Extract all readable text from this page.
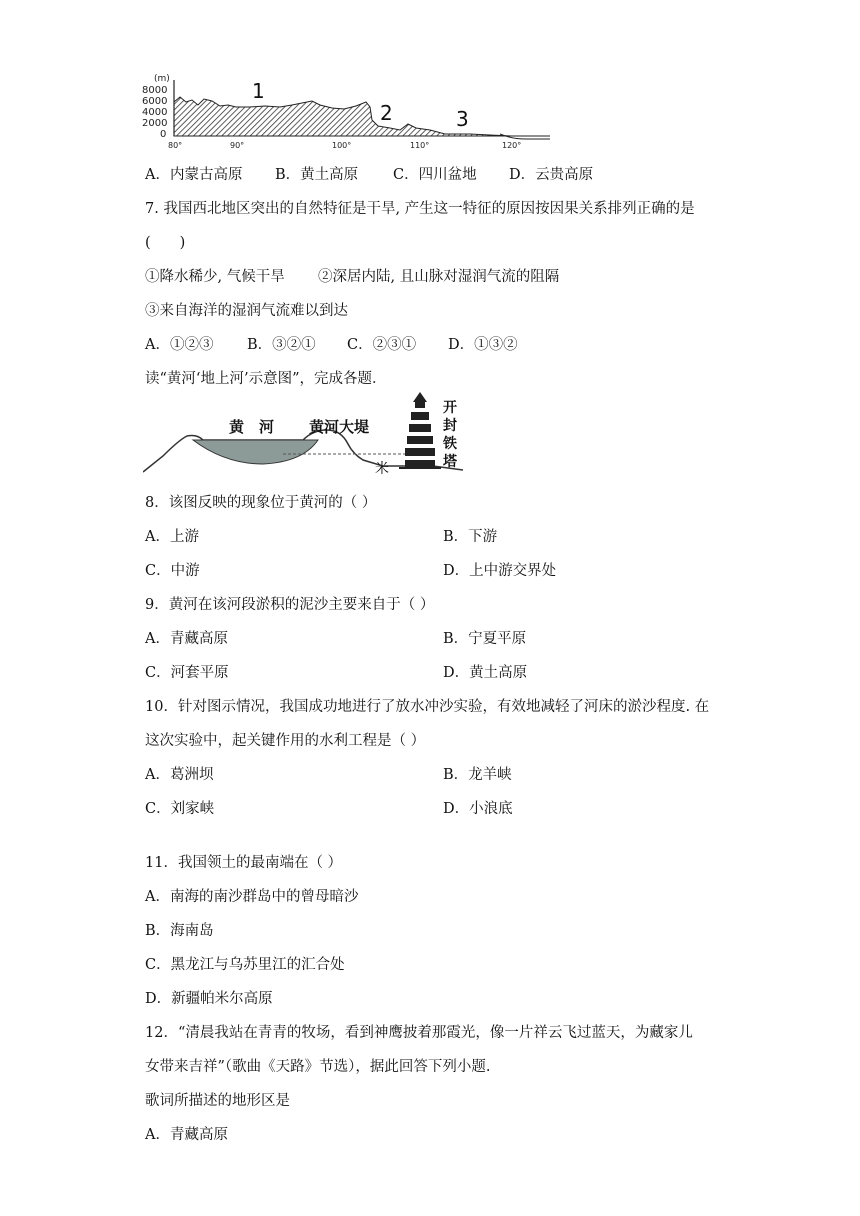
(m)
8000
6000
4000
2000
0
1
2	3
80°	90°	100°	110°	120°
A．内蒙古高原 B．黄土高原 C．四川盆地 D．云贵高原
7. 我国西北地区突出的自然特征是干旱, 产生这一特征的原因按因果关系排列正确的是
(　　)
①降水稀少, 气候干旱 ②深居内陆, 且山脉对湿润气流的阻隔
③来自海洋的湿润气流难以到达
A．①②③ B．③②① C．②③① D．①③②
读“黄河‘地上河’示意图”，完成各题．
黄　河 黄河大堤
米
开
封
铁
塔
8．该图反映的现象位于黄河的（ ）
A．上游	B．下游
C．中游	D．上中游交界处
9．黄河在该河段淤积的泥沙主要来自于（ ）
A．青藏高原	B．宁夏平原
C．河套平原	D．黄土高原
10．针对图示情况，我国成功地进行了放水冲沙实验，有效地减轻了河床的淤沙程度. 在
这次实验中，起关键作用的水利工程是（ ）
A．葛洲坝	B．龙羊峡
C．刘家峡	D．小浪底
11．我国领土的最南端在（ ）
A．南海的南沙群岛中的曾母暗沙
B．海南岛
C．黑龙江与乌苏里江的汇合处
D．新疆帕米尔高原
12．“清晨我站在青青的牧场，看到神鹰披着那霞光，像一片祥云飞过蓝天，为藏家儿
女带来吉祥”（歌曲《天路》节选），据此回答下列小题.
歌词所描述的地形区是
A．青藏高原
